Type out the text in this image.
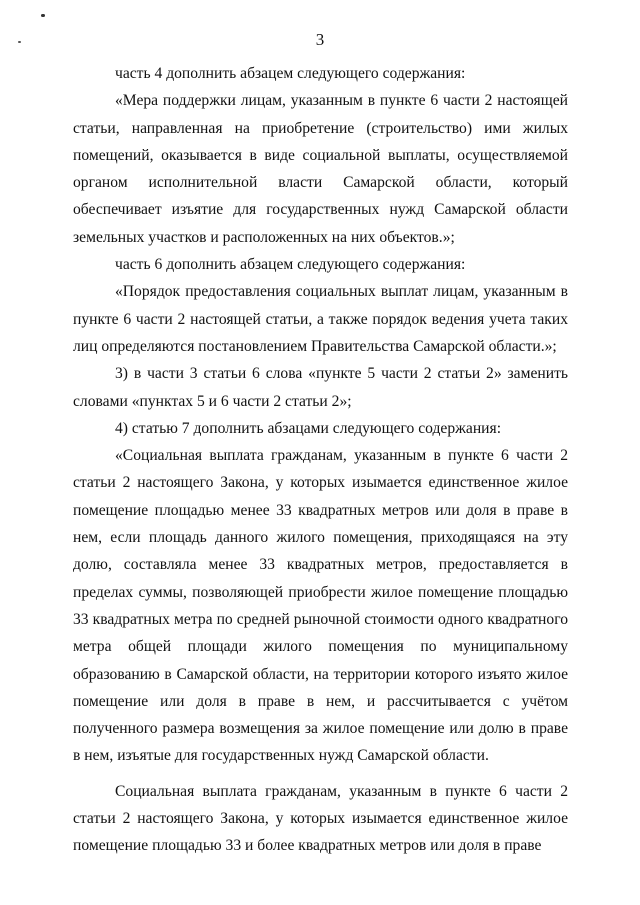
3

часть 4 дополнить абзацем следующего содержания:

«Мера поддержки лицам, указанным в пункте 6 части 2 настоящей статьи, направленная на приобретение (строительство) ими жилых помещений, оказывается в виде социальной выплаты, осуществляемой органом исполнительной власти Самарской области, который обеспечивает изъятие для государственных нужд Самарской области земельных участков и расположенных на них объектов.»;

часть 6 дополнить абзацем следующего содержания:

«Порядок предоставления социальных выплат лицам, указанным в пункте 6 части 2 настоящей статьи, а также порядок ведения учета таких лиц определяются постановлением Правительства Самарской области.»;

3) в части 3 статьи 6 слова «пункте 5 части 2 статьи 2» заменить словами «пунктах 5 и 6 части 2 статьи 2»;

4) статью 7 дополнить абзацами следующего содержания:

«Социальная выплата гражданам, указанным в пункте 6 части 2 статьи 2 настоящего Закона, у которых изымается единственное жилое помещение площадью менее 33 квадратных метров или доля в праве в нем, если площадь данного жилого помещения, приходящаяся на эту долю, составляла менее 33 квадратных метров, предоставляется в пределах суммы, позволяющей приобрести жилое помещение площадью 33 квадратных метра по средней рыночной стоимости одного квадратного метра общей площади жилого помещения по муниципальному образованию в Самарской области, на территории которого изъято жилое помещение или доля в праве в нем, и рассчитывается с учётом полученного размера возмещения за жилое помещение или долю в праве в нем, изъятые для государственных нужд Самарской области.

Социальная выплата гражданам, указанным в пункте 6 части 2 статьи 2 настоящего Закона, у которых изымается единственное жилое помещение площадью 33 и более квадратных метров или доля в праве
